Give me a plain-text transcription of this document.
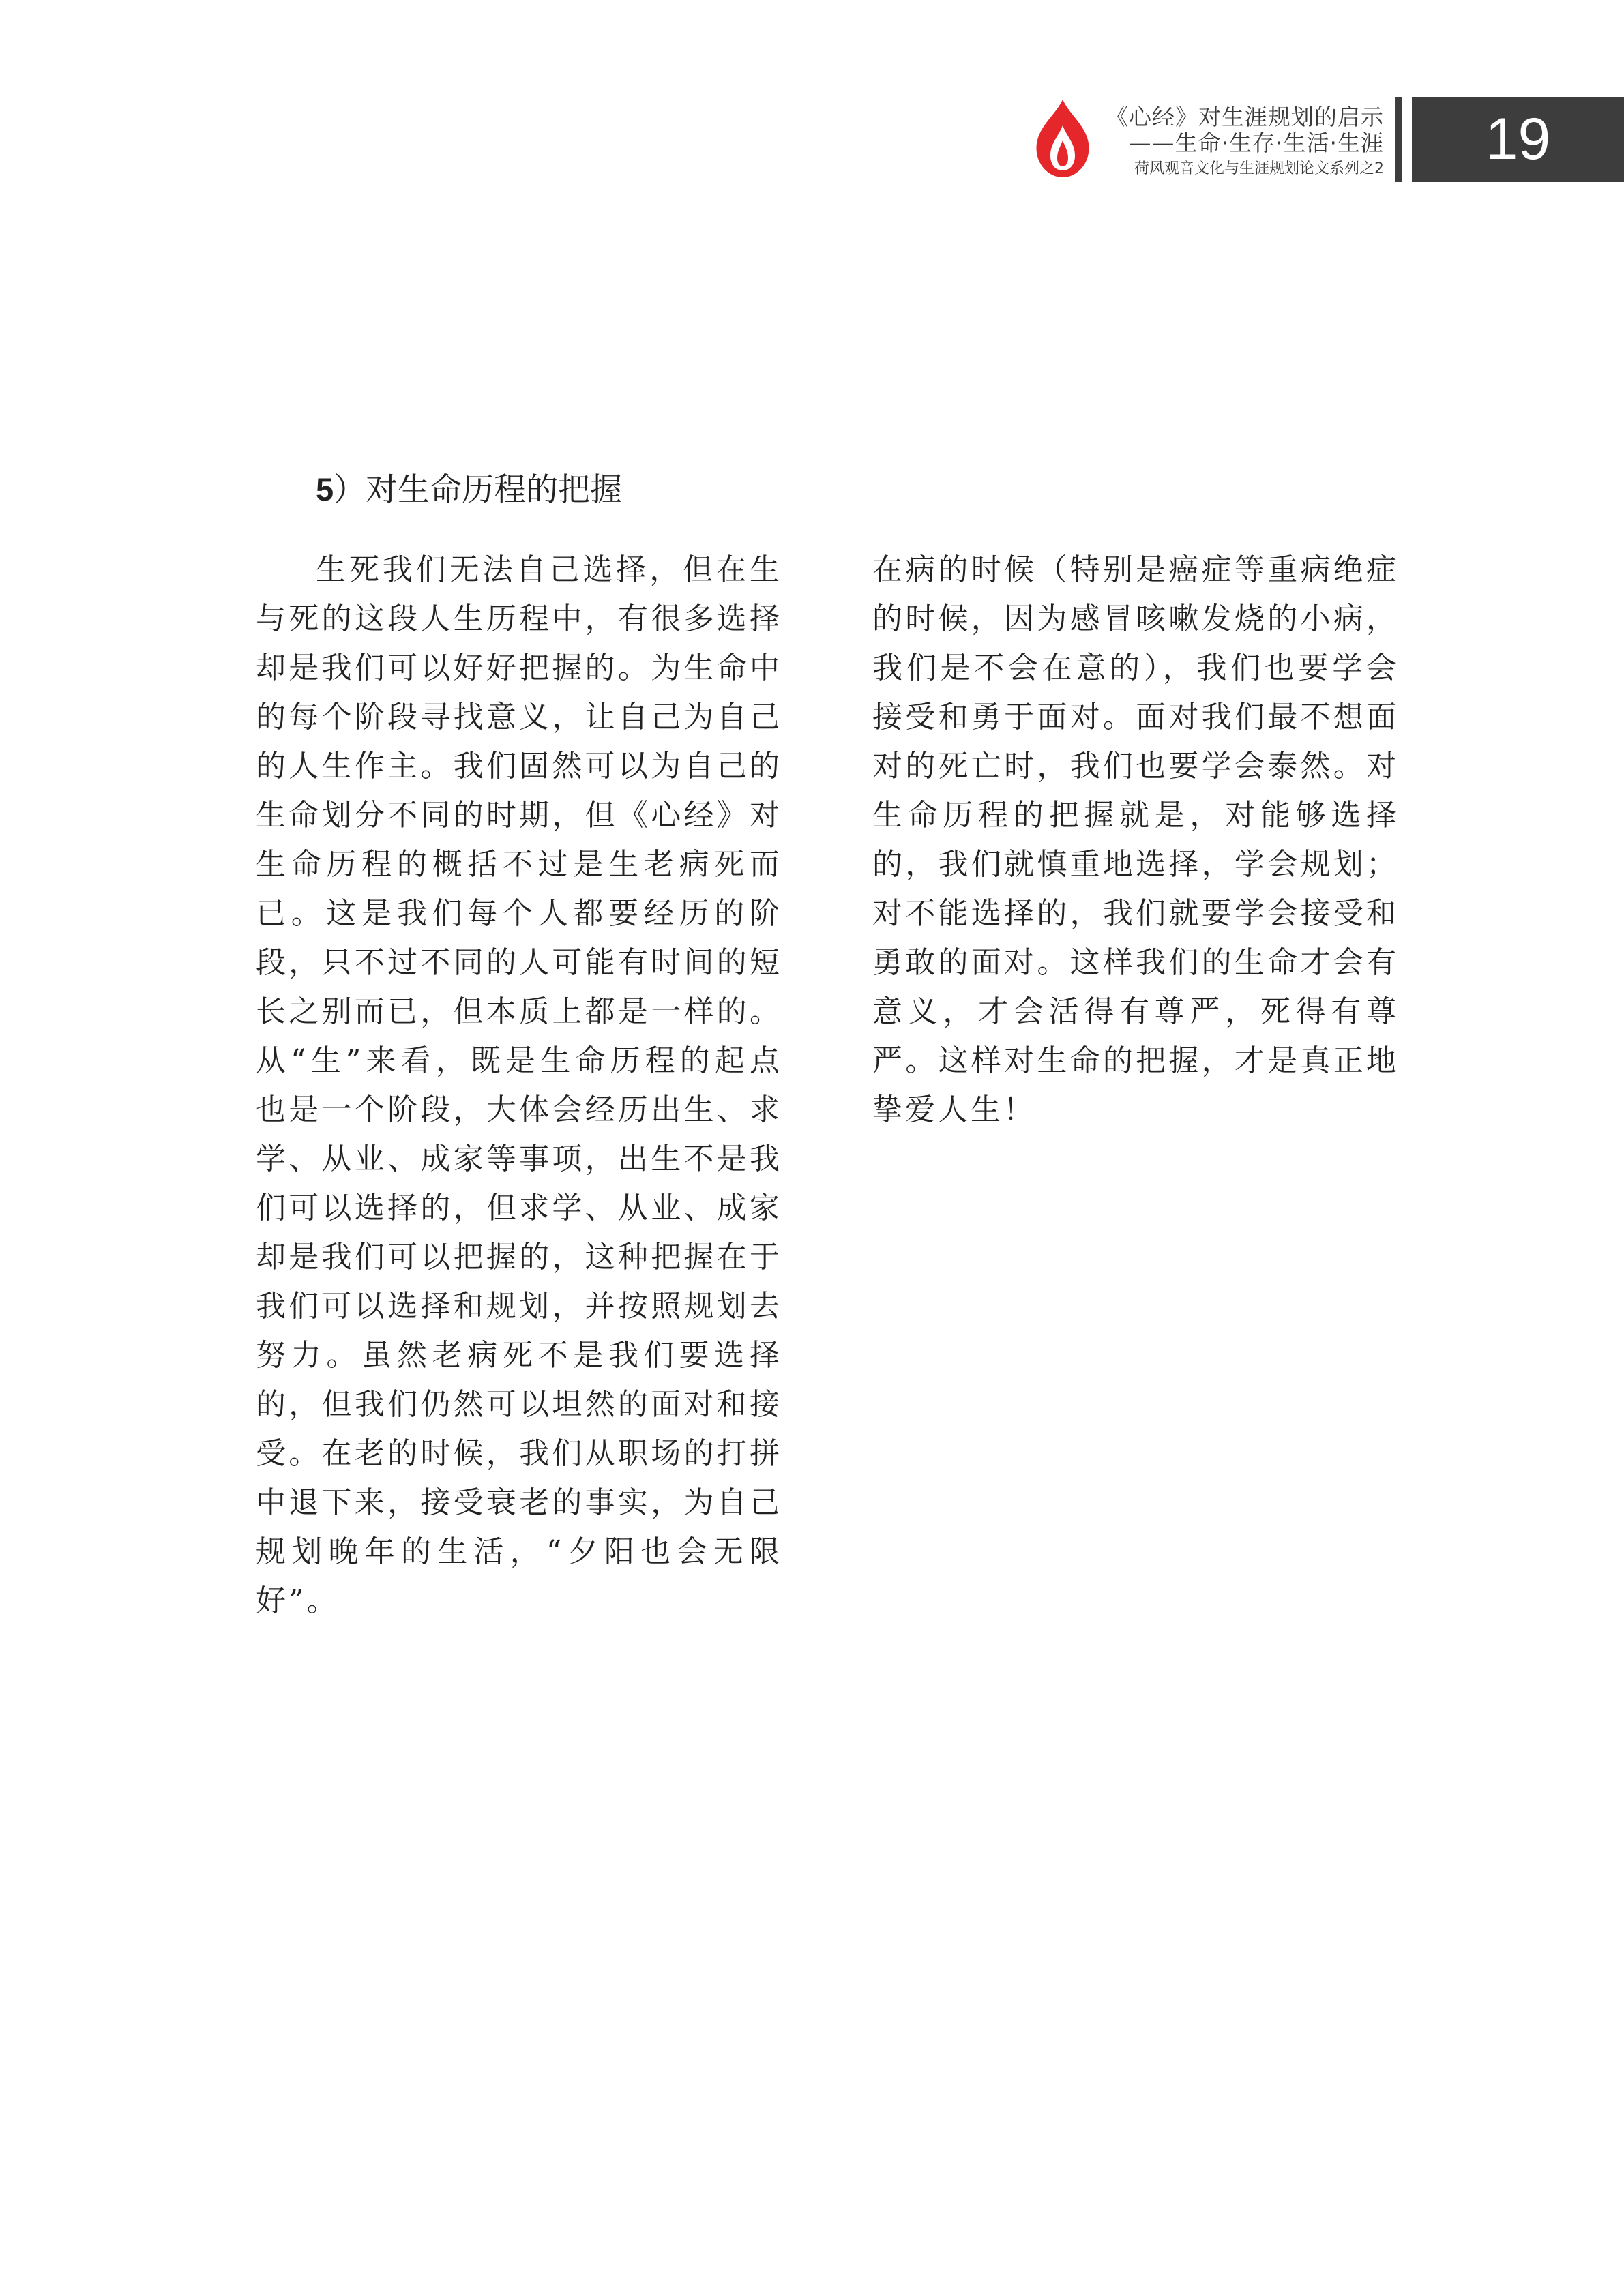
《心经》对生涯规划的启示
——生命·生存·生活·生涯
荷风观音文化与生涯规划论文系列之2	19
5）对生命历程的把握
生死我们无法自己选择，但在生与死的这段人生历程中，有很多选择却是我们可以好好把握的。为生命中的每个阶段寻找意义，让自己为自己的人生作主。我们固然可以为自己的生命划分不同的时期，但《心经》对生命历程的概括不过是生老病死而已。这是我们每个人都要经历的阶段，只不过不同的人可能有时间的短长之别而已，但本质上都是一样的。从“生”来看，既是生命历程的起点也是一个阶段，大体会经历出生、求学、从业、成家等事项，出生不是我们可以选择的，但求学、从业、成家却是我们可以把握的，这种把握在于我们可以选择和规划，并按照规划去努力。虽然老病死不是我们要选择的，但我们仍然可以坦然的面对和接受。在老的时候，我们从职场的打拼中退下来，接受衰老的事实，为自己规划晚年的生活，“夕阳也会无限好”。
在病的时候（特别是癌症等重病绝症的时候，因为感冒咳嗽发烧的小病，我们是不会在意的），我们也要学会接受和勇于面对。面对我们最不想面对的死亡时，我们也要学会泰然。对生命历程的把握就是，对能够选择的，我们就慎重地选择，学会规划；对不能选择的，我们就要学会接受和勇敢的面对。这样我们的生命才会有意义，才会活得有尊严，死得有尊严。这样对生命的把握，才是真正地挚爱人生！
